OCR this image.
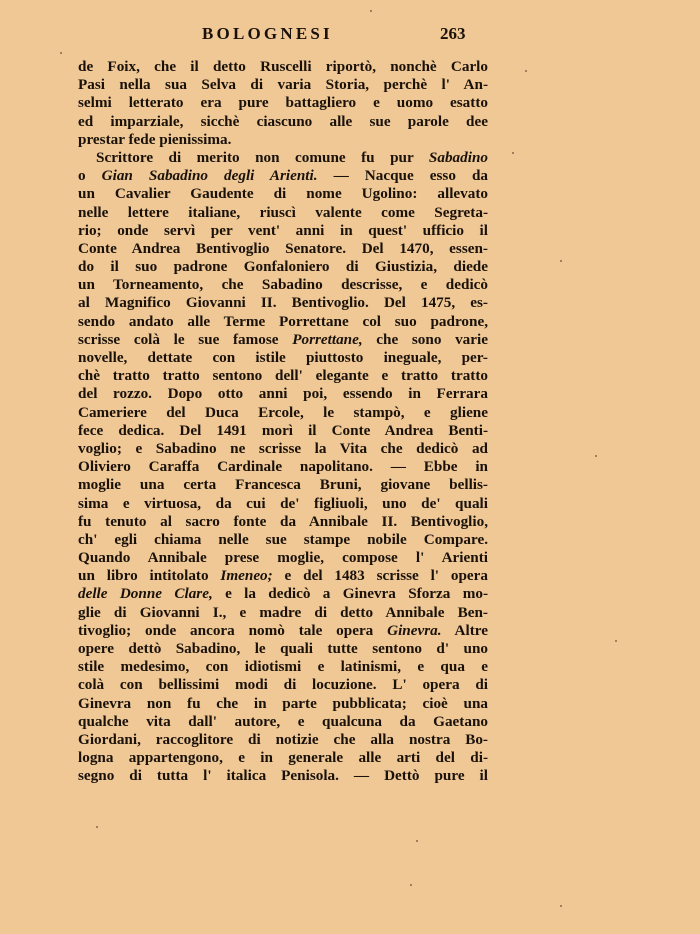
BOLOGNESI	263
de Foix, che il detto Ruscelli riportò, nonchè Carlo
Pasi nella sua Selva di varia Storia, perchè l' An-
selmi letterato era pure battagliero e uomo esatto
ed imparziale, sicchè ciascuno alle sue parole dee
prestar fede pienissima.
Scrittore di merito non comune fu pur Sabadino
o Gian Sabadino degli Arienti. — Nacque esso da
un Cavalier Gaudente di nome Ugolino: allevato
nelle lettere italiane, riuscì valente come Segreta-
rio; onde servì per vent' anni in quest' ufficio il
Conte Andrea Bentivoglio Senatore. Del 1470, essen-
do il suo padrone Gonfaloniero di Giustizia, diede
un Torneamento, che Sabadino descrisse, e dedicò
al Magnifico Giovanni II. Bentivoglio. Del 1475, es-
sendo andato alle Terme Porrettane col suo padrone,
scrisse colà le sue famose Porrettane, che sono varie
novelle, dettate con istile piuttosto ineguale, per-
chè tratto tratto sentono dell' elegante e tratto tratto
del rozzo. Dopo otto anni poi, essendo in Ferrara
Cameriere del Duca Ercole, le stampò, e gliene
fece dedica. Del 1491 morì il Conte Andrea Benti-
voglio; e Sabadino ne scrisse la Vita che dedicò ad
Oliviero Caraffa Cardinale napolitano. — Ebbe in
moglie una certa Francesca Bruni, giovane bellis-
sima e virtuosa, da cui de' figliuoli, uno de' quali
fu tenuto al sacro fonte da Annibale II. Bentivoglio,
ch' egli chiama nelle sue stampe nobile Compare.
Quando Annibale prese moglie, compose l' Arienti
un libro intitolato Imeneo; e del 1483 scrisse l' opera
delle Donne Clare, e la dedicò a Ginevra Sforza mo-
glie di Giovanni I., e madre di detto Annibale Ben-
tivoglio; onde ancora nomò tale opera Ginevra. Altre
opere dettò Sabadino, le quali tutte sentono d' uno
stile medesimo, con idiotismi e latinismi, e qua e
colà con bellissimi modi di locuzione. L' opera di
Ginevra non fu che in parte pubblicata; cioè una
qualche vita dall' autore, e qualcuna da Gaetano
Giordani, raccoglitore di notizie che alla nostra Bo-
logna appartengono, e in generale alle arti del di-
segno di tutta l' italica Penisola. — Dettò pure il
